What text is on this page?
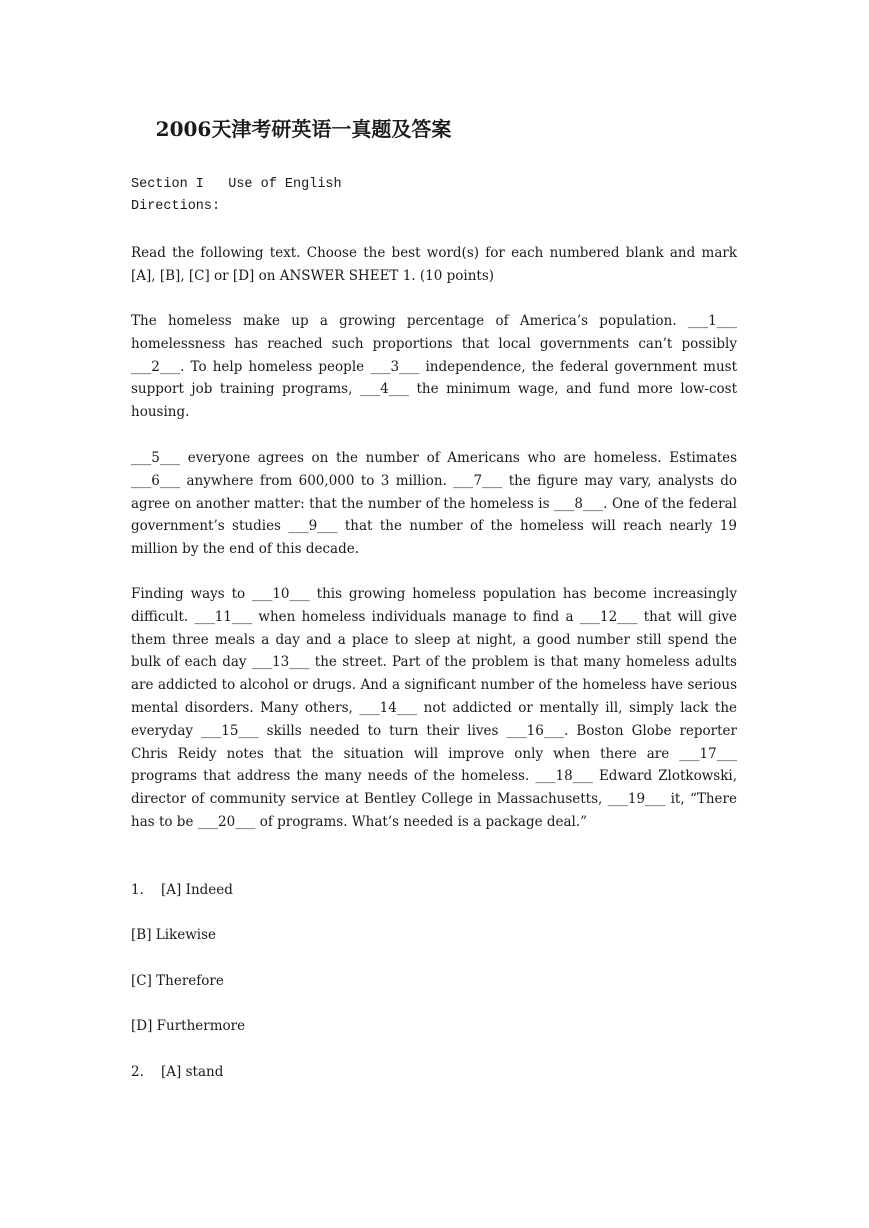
2006天津考研英语一真题及答案
Section I   Use of English
Directions:
Read the following text. Choose the best word(s) for each numbered blank and mark [A], [B], [C] or [D] on ANSWER SHEET 1. (10 points)
The homeless make up a growing percentage of America’s population. ___1___ homelessness has reached such proportions that local governments can’t possibly ___2___. To help homeless people ___3___ independence, the federal government must support job training programs, ___4___ the minimum wage, and fund more low-cost housing.
___5___ everyone agrees on the number of Americans who are homeless. Estimates ___6___ anywhere from 600,000 to 3 million. ___7___ the figure may vary, analysts do agree on another matter: that the number of the homeless is ___8___. One of the federal government’s studies ___9___ that the number of the homeless will reach nearly 19 million by the end of this decade.
Finding ways to ___10___ this growing homeless population has become increasingly difficult. ___11___ when homeless individuals manage to find a ___12___ that will give them three meals a day and a place to sleep at night, a good number still spend the bulk of each day ___13___ the street. Part of the problem is that many homeless adults are addicted to alcohol or drugs. And a significant number of the homeless have serious mental disorders. Many others, ___14___ not addicted or mentally ill, simply lack the everyday ___15___ skills needed to turn their lives ___16___. Boston Globe reporter Chris Reidy notes that the situation will improve only when there are ___17___ programs that address the many needs of the homeless. ___18___ Edward Zlotkowski, director of community service at Bentley College in Massachusetts, ___19___ it, “There has to be ___20___ of programs. What’s needed is a package deal.”
1.    [A] Indeed
[B] Likewise
[C] Therefore
[D] Furthermore
2.    [A] stand
